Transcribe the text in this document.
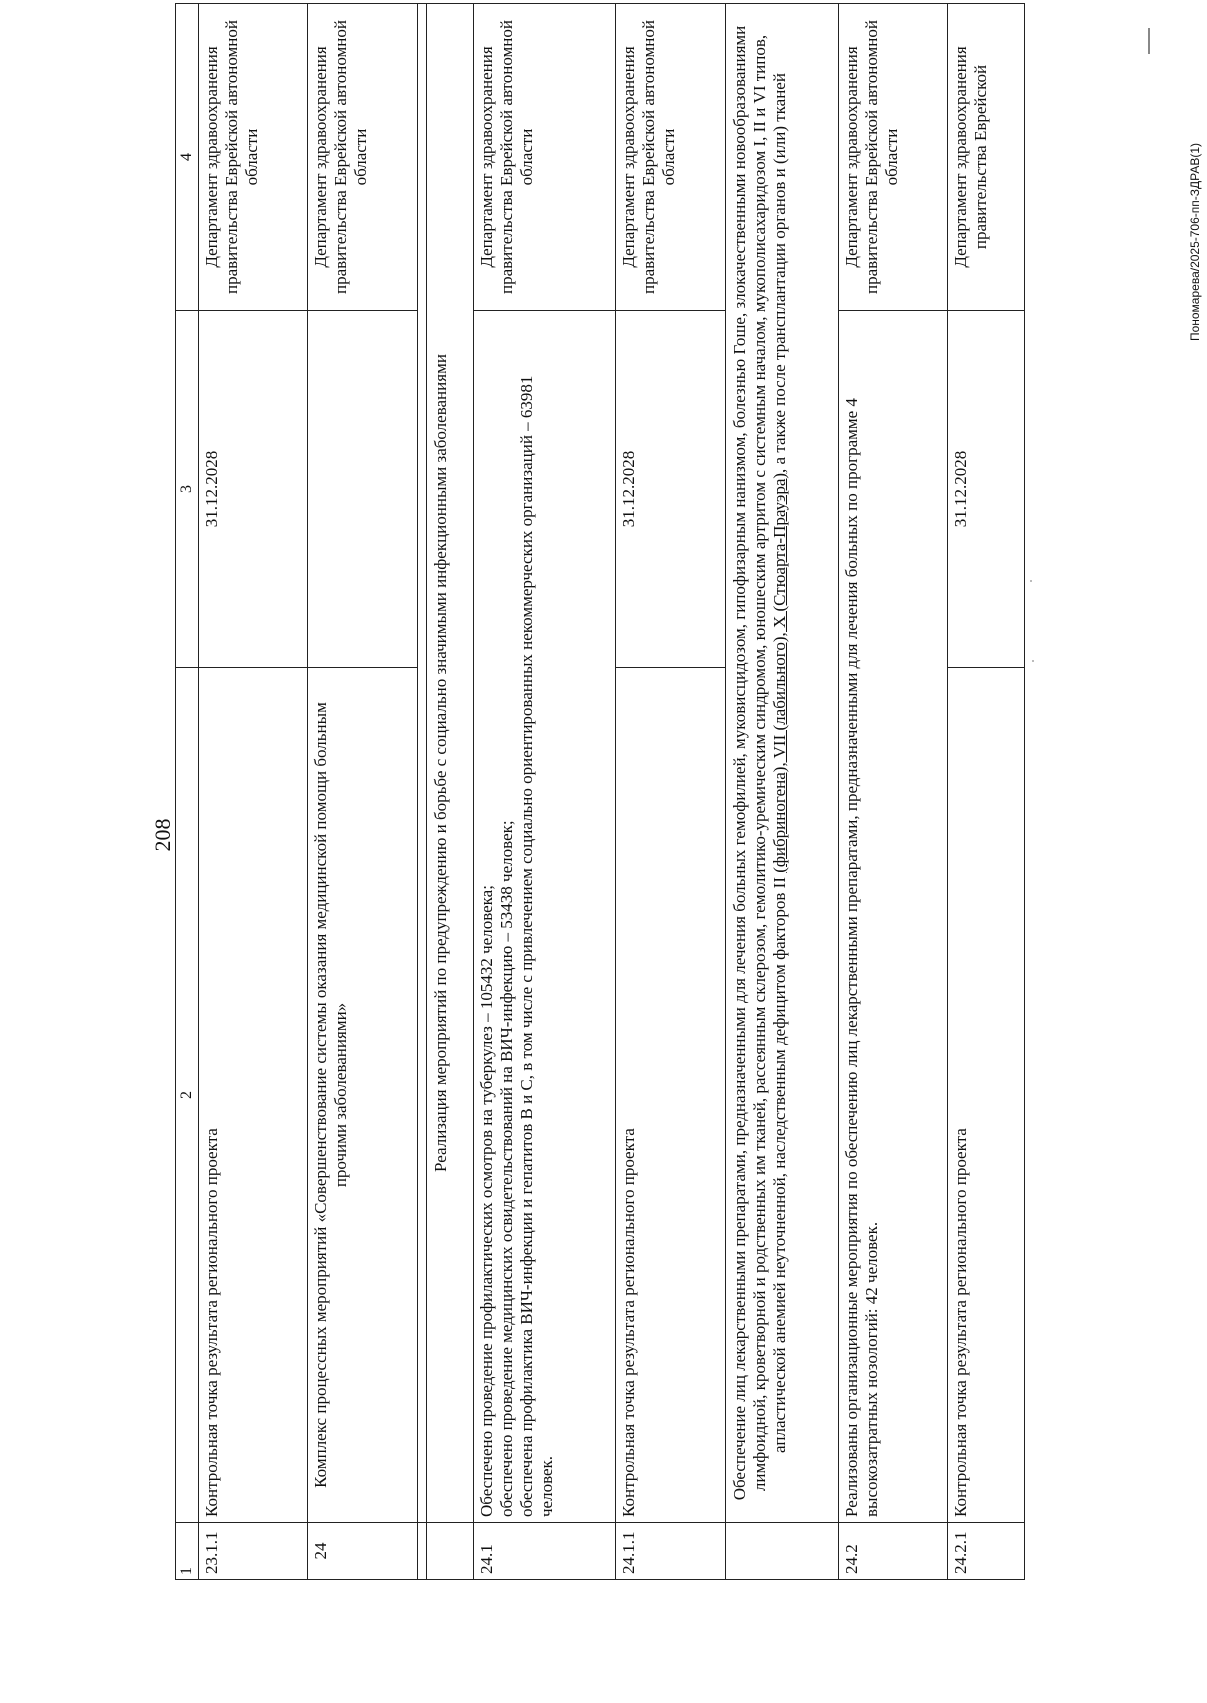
208
Пономарева/2025-706-пп-ЗДРАВ(1)
1	2	3	4
23.1.1	Контрольная точка результата регионального проекта	31.12.2028	Департамент здравоохранения правительства Еврейской автономной области
24	Комплекс процессных мероприятий «Совершенствование системы оказания медицинской помощи больным прочими заболеваниями»		Департамент здравоохранения правительства Еврейской автономной области

	Реализация мероприятий по предупреждению и борьбе с социально значимыми инфекционными заболеваниями		
24.1	Обеспечено проведение профилактических осмотров на туберкулез – 105432 человека; обеспечено проведение медицинских освидетельствований на ВИЧ-инфекцию – 53438 человек; обеспечена профилактика ВИЧ-инфекции и гепатитов В и С, в том числе с привлечением социально ориентированных некоммерческих организаций – 63981 человек.		Департамент здравоохранения правительства Еврейской автономной области
24.1.1	Контрольная точка результата регионального проекта	31.12.2028	Департамент здравоохранения правительства Еврейской автономной области
	Обеспечение лиц лекарственными препаратами, предназначенными для лечения больных гемофилией, муковисцидозом, гипофизарным нанизмом, болезнью Гоше, злокачественными новообразованиями лимфоидной, кроветворной и родственных им тканей, рассеянным склерозом, гемолитико-уремическим синдромом, юношеским артритом с системным началом, мукополисахаридозом I, II и VI типов, апластической анемией неуточненной, наследственным дефицитом факторов II (фибриногена), VII (лабильного), X (Стюарта-Прауэра), а также после трансплантации органов и (или) тканей		
24.2	Реализованы организационные мероприятия по обеспечению лиц лекарственными препаратами, предназначенными для лечения больных по программе 4 высокозатратных нозологий: 42 человек.		Департамент здравоохранения правительства Еврейской автономной области
24.2.1	Контрольная точка результата регионального проекта	31.12.2028	Департамент здравоохранения правительства Еврейской
